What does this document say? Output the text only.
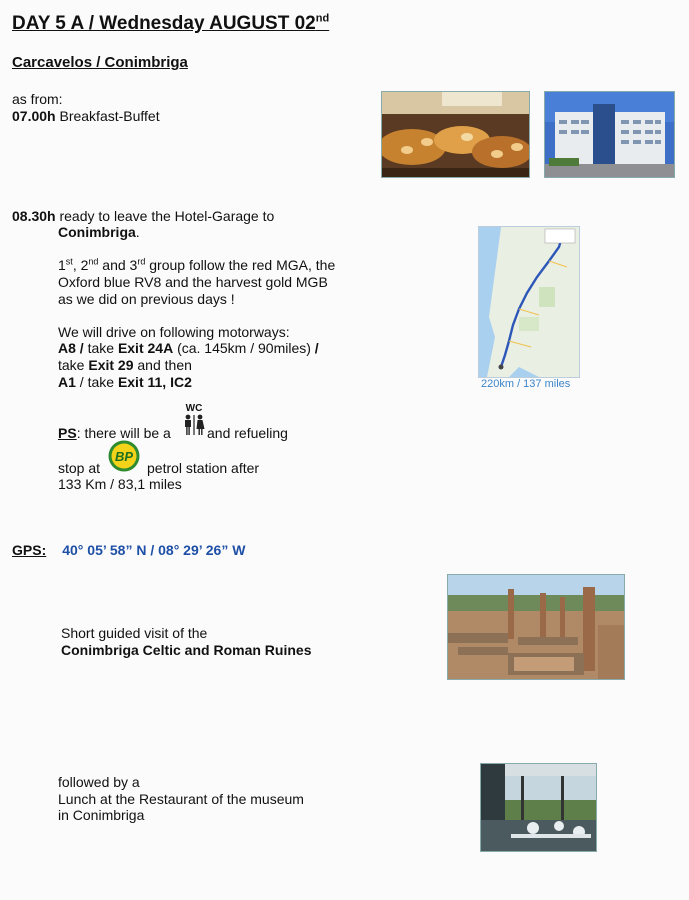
DAY 5 A / Wednesday AUGUST 02nd
Carcavelos / Conimbriga
as from:
07.00h Breakfast-Buffet
08.30h ready to leave the Hotel-Garage to
Conimbriga.
1st, 2nd and 3rd group follow the red MGA, the
Oxford blue RV8 and the harvest gold MGB
as we did on previous days !
We will drive on following motorways:
A8 / take Exit 24A (ca. 145km / 90miles) /
take Exit 29 and then
A1 / take Exit 11, IC2	220km / 137 miles
PS: there will be a
WC
and refueling
stop at
BP
petrol station after
133 Km / 83,1 miles
GPS: 40° 05’ 58” N / 08° 29’ 26” W
Short guided visit of the
Conimbriga Celtic and Roman Ruines
followed by a
Lunch at the Restaurant of the museum
in Conimbriga
